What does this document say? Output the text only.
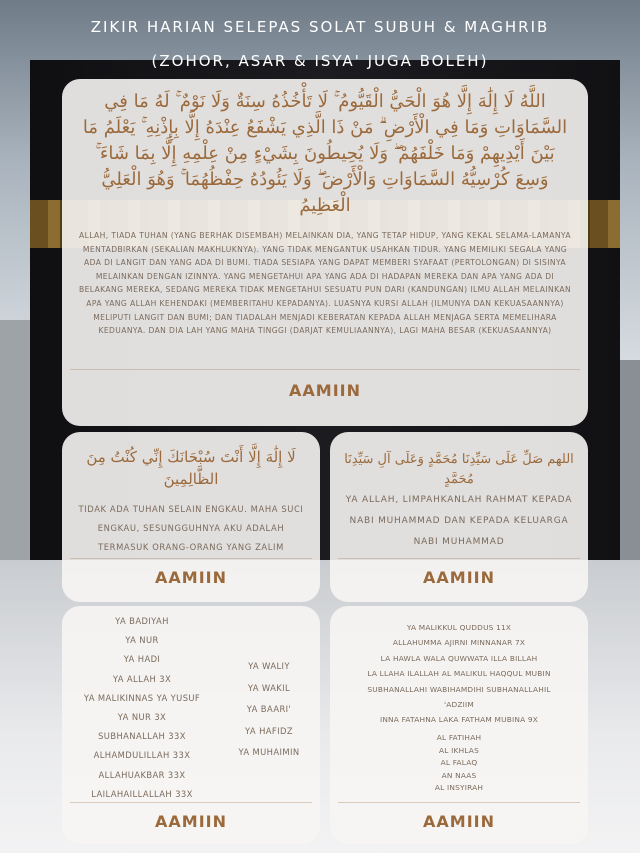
ZIKIR HARIAN SELEPAS SOLAT SUBUH & MAGHRIB
(ZOHOR, ASAR & ISYA' JUGA BOLEH)
اللَّهُ لَا إِلَٰهَ إِلَّا هُوَ الْحَيُّ الْقَيُّومُ ۚ لَا تَأْخُذُهُ سِنَةٌ وَلَا نَوْمٌ ۚ لَهُ مَا فِي السَّمَاوَاتِ وَمَا فِي الْأَرْضِ ۗ مَنْ ذَا الَّذِي يَشْفَعُ عِنْدَهُ إِلَّا بِإِذْنِهِ ۚ يَعْلَمُ مَا بَيْنَ أَيْدِيهِمْ وَمَا خَلْفَهُمْ ۖ وَلَا يُحِيطُونَ بِشَيْءٍ مِنْ عِلْمِهِ إِلَّا بِمَا شَاءَ ۚ وَسِعَ كُرْسِيُّهُ السَّمَاوَاتِ وَالْأَرْضَ ۖ وَلَا يَئُودُهُ حِفْظُهُمَا ۚ وَهُوَ الْعَلِيُّ الْعَظِيمُ
ALLAH, TIADA TUHAN (YANG BERHAK DISEMBAH) MELAINKAN DIA, YANG TETAP HIDUP, YANG KEKAL SELAMA-LAMANYA MENTADBIRKAN (SEKALIAN MAKHLUKNYA). YANG TIDAK MENGANTUK USAHKAN TIDUR. YANG MEMILIKI SEGALA YANG ADA DI LANGIT DAN YANG ADA DI BUMI. TIADA SESIAPA YANG DAPAT MEMBERI SYAFAAT (PERTOLONGAN) DI SISINYA MELAINKAN DENGAN IZINNYA. YANG MENGETAHUI APA YANG ADA DI HADAPAN MEREKA DAN APA YANG ADA DI BELAKANG MEREKA, SEDANG MEREKA TIDAK MENGETAHUI SESUATU PUN DARI (KANDUNGAN) ILMU ALLAH MELAINKAN APA YANG ALLAH KEHENDAKI (MEMBERITAHU KEPADANYA). LUASNYA KURSI ALLAH (ILMUNYA DAN KEKUASAANNYA) MELIPUTI LANGIT DAN BUMI; DAN TIADALAH MENJADI KEBERATAN KEPADA ALLAH MENJAGA SERTA MEMELIHARA KEDUANYA. DAN DIA LAH YANG MAHA TINGGI (DARJAT KEMULIAANNYA), LAGI MAHA BESAR (KEKUASAANNYA)
AAMIIN
لَا إِلَٰهَ إِلَّا أَنْتَ سُبْحَانَكَ إِنِّي كُنْتُ مِنَ الظَّالِمِينَ
TIDAK ADA TUHAN SELAIN ENGKAU. MAHA SUCI ENGKAU, SESUNGGUHNYA AKU ADALAH TERMASUK ORANG-ORANG YANG ZALIM
AAMIIN
اللهم صَلِّ عَلَى سَيِّدِنَا مُحَمَّدٍ وَعَلَى آلِ سَيِّدِنَا مُحَمَّدٍ
YA ALLAH, LIMPAHKANLAH RAHMAT KEPADA NABI MUHAMMAD DAN KEPADA KELUARGA NABI MUHAMMAD
AAMIIN
YA BADIYAH
YA NUR
YA HADI
YA ALLAH 3X
YA MALIKINNAS YA YUSUF
YA NUR 3X
SUBHANALLAH 33X
ALHAMDULILLAH 33X
ALLAHUAKBAR 33X
LAILAHAILLALLAH 33X
YA WALIY
YA WAKIL
YA BAARI'
YA HAFIDZ
YA MUHAIMIN
AAMIIN
YA MALIKKUL QUDDUS 11X
ALLAHUMMA AJIRNI MINNANAR 7X
LA HAWLA WALA QUWWATA ILLA BILLAH
LA LLAHA ILALLAH AL MALIKUL HAQQUL MUBIN
SUBHANALLAHI WABIHAMDIHI SUBHANALLAHIL
'ADZIIM
INNA FATAHNA LAKA FATHAM MUBINA 9X
AL FATIHAH
AL IKHLAS
AL FALAQ
AN NAAS
AL INSYIRAH
AAMIIN
